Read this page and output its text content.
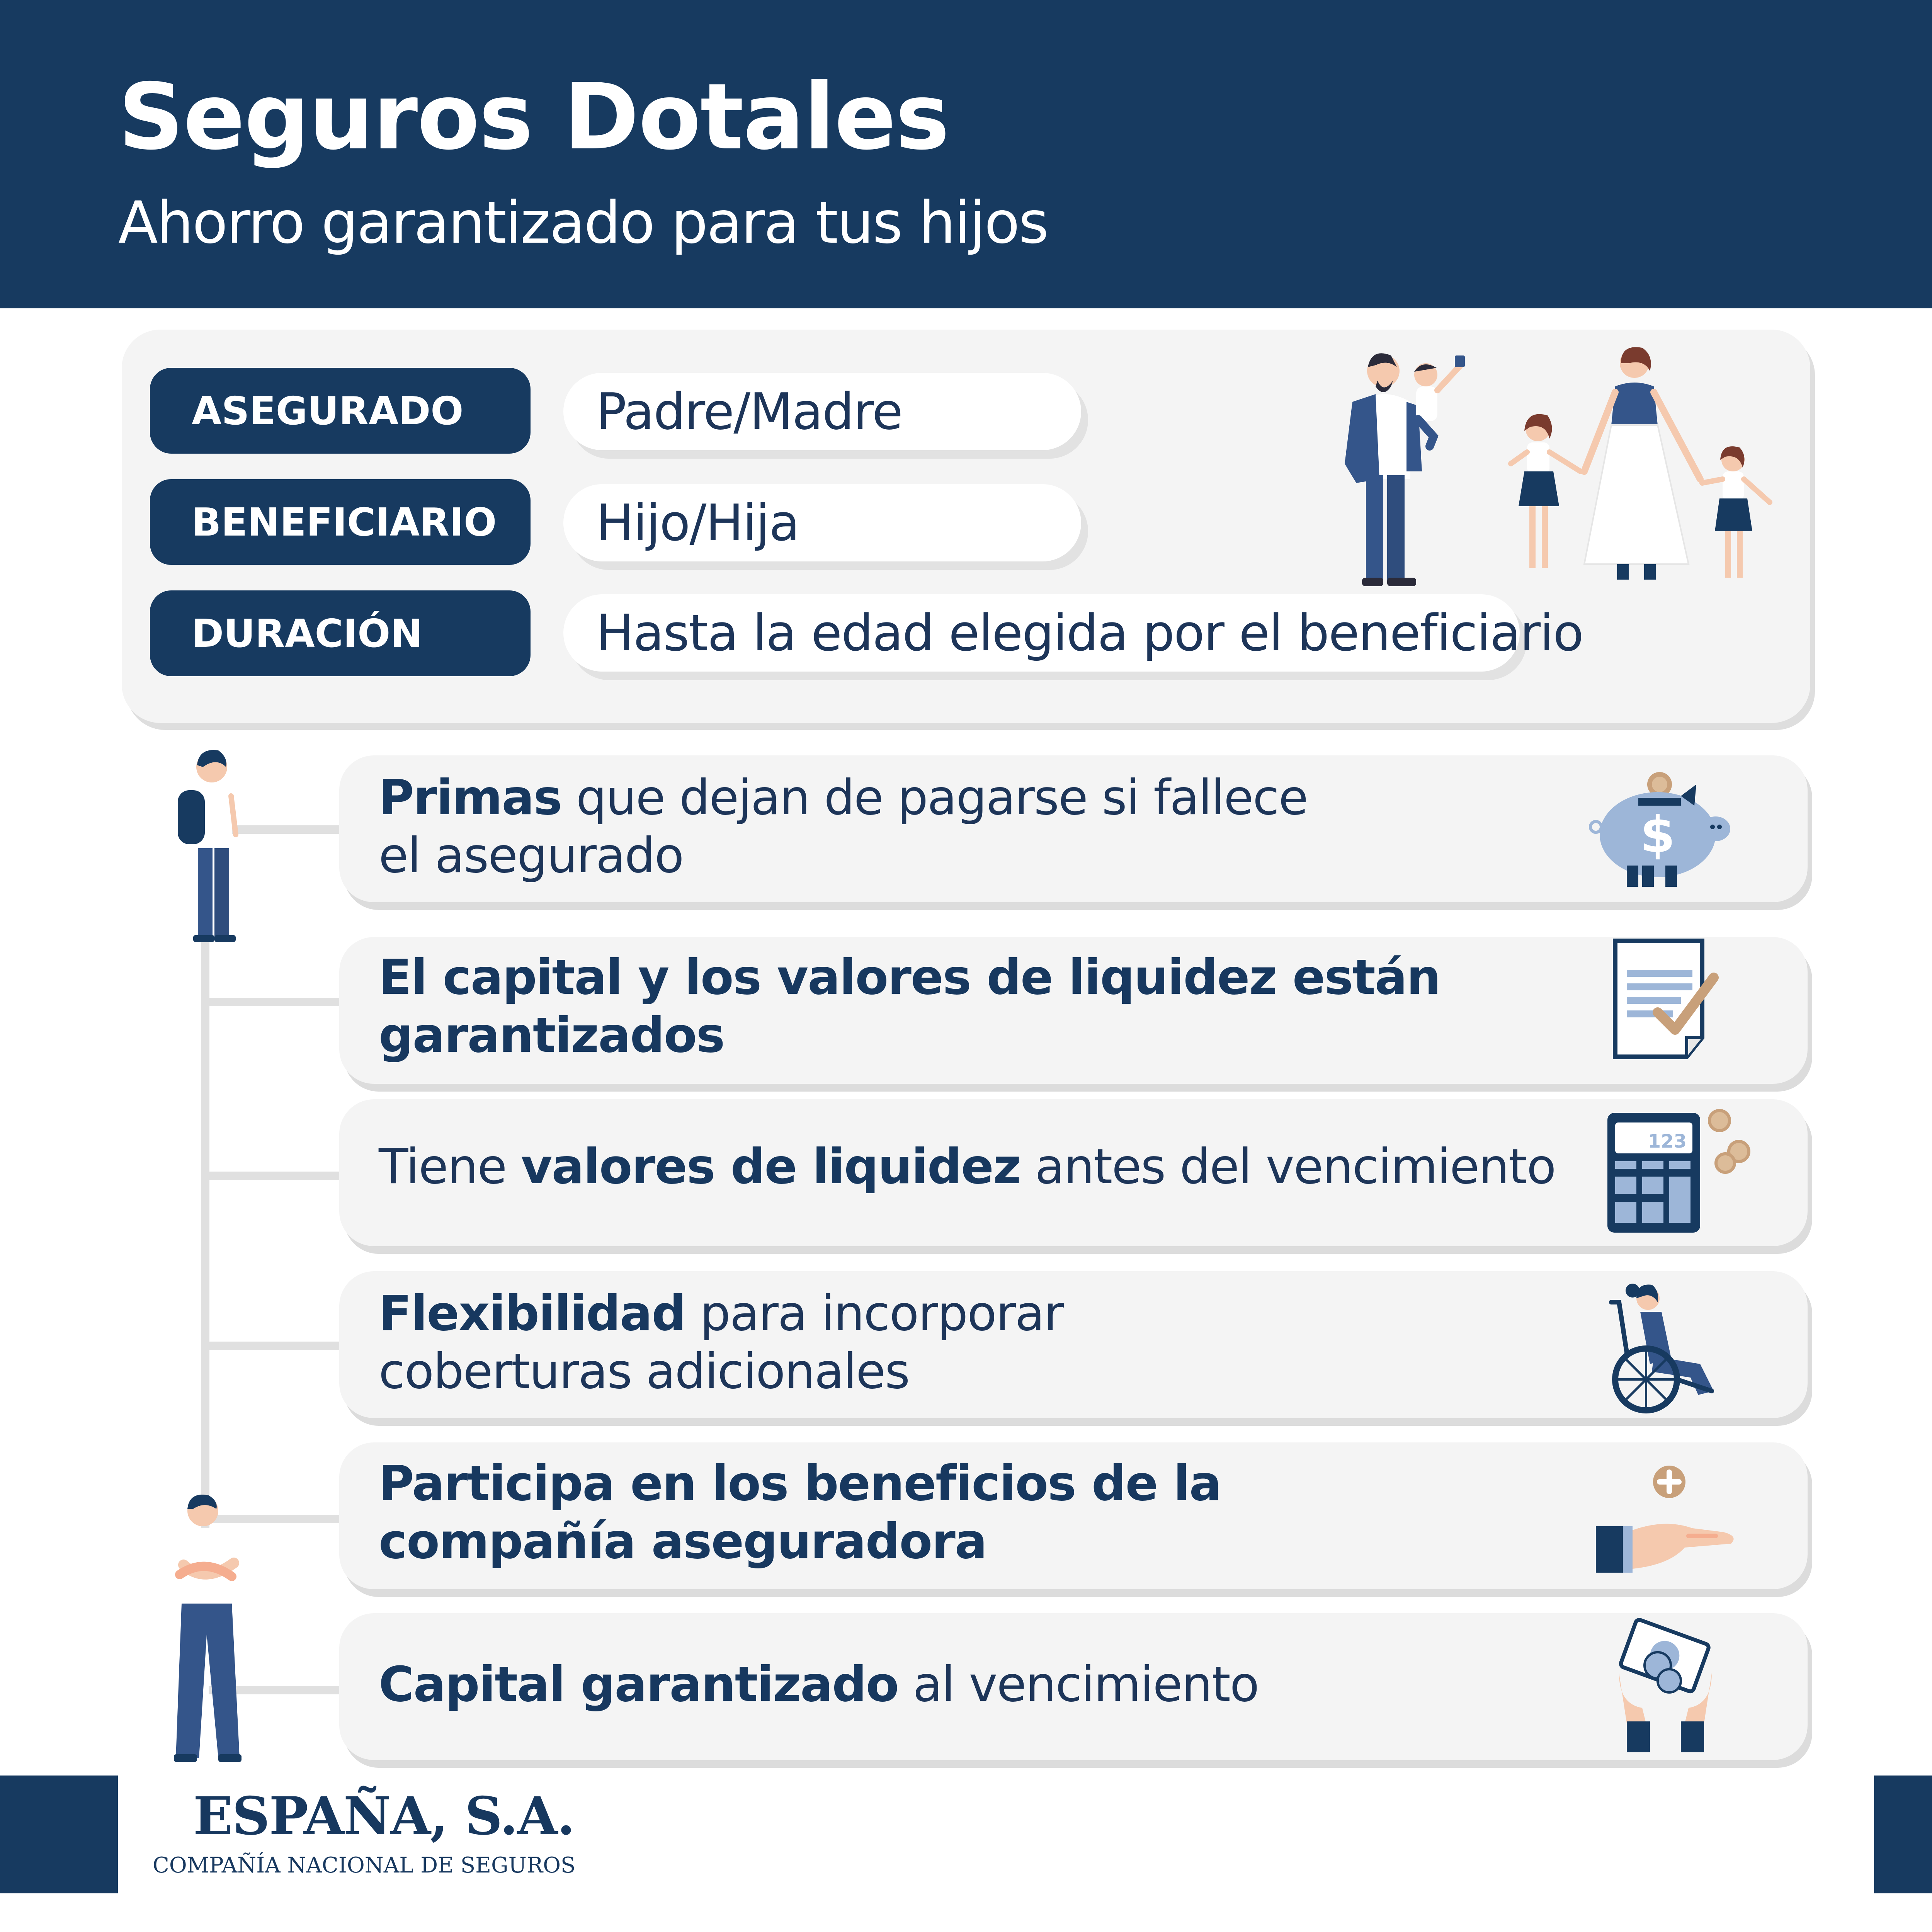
Seguros Dotales
Ahorro garantizado para tus hijos
ASEGURADO	Padre/Madre
BENEFICIARIO	Hijo/Hija
DURACIÓN	Hasta la edad elegida por el beneficiario
Primas que dejan de pagarse si fallece
el asegurado	$
El capital y los valores de liquidez están
garantizados
Tiene valores de liquidez antes del vencimiento	123
Flexibilidad para incorporar
coberturas adicionales
Participa en los beneficios de la
compañía aseguradora
Capital garantizado al vencimiento
ESPAÑA, S.A.
COMPAÑÍA NACIONAL DE SEGUROS
